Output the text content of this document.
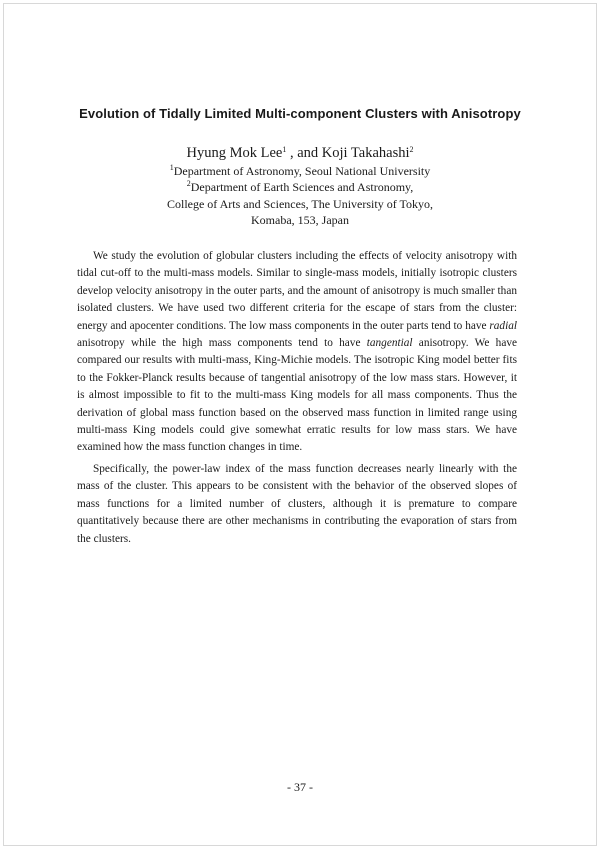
Evolution of Tidally Limited Multi-component Clusters with Anisotropy
Hyung Mok Lee$^1$ , and Koji Takahashi$^2$
$^1$Department of Astronomy, Seoul National University
$^2$Department of Earth Sciences and Astronomy,
College of Arts and Sciences, The University of Tokyo,
Komaba, 153, Japan

We study the evolution of globular clusters including the effects of velocity anisotropy with tidal cut-off to the multi-mass models. Similar to single-mass models, initially isotropic clusters develop velocity anisotropy in the outer parts, and the amount of anisotropy is much smaller than isolated clusters. We have used two different criteria for the escape of stars from the cluster: energy and apocenter conditions. The low mass components in the outer parts tend to have radial anisotropy while the high mass components tend to have tangential anisotropy. We have compared our results with multi-mass, King-Michie models. The isotropic King model better fits to the Fokker-Planck results because of tangential anisotropy of the low mass stars. However, it is almost impossible to fit to the multi-mass King models for all mass components. Thus the derivation of global mass function based on the observed mass function in limited range using multi-mass King models could give somewhat erratic results for low mass stars. We have examined how the mass function changes in time.

Specifically, the power-law index of the mass function decreases nearly linearly with the mass of the cluster. This appears to be consistent with the behavior of the observed slopes of mass functions for a limited number of clusters, although it is premature to compare quantitatively because there are other mechanisms in contributing the evaporation of stars from the clusters.

- 37 -
